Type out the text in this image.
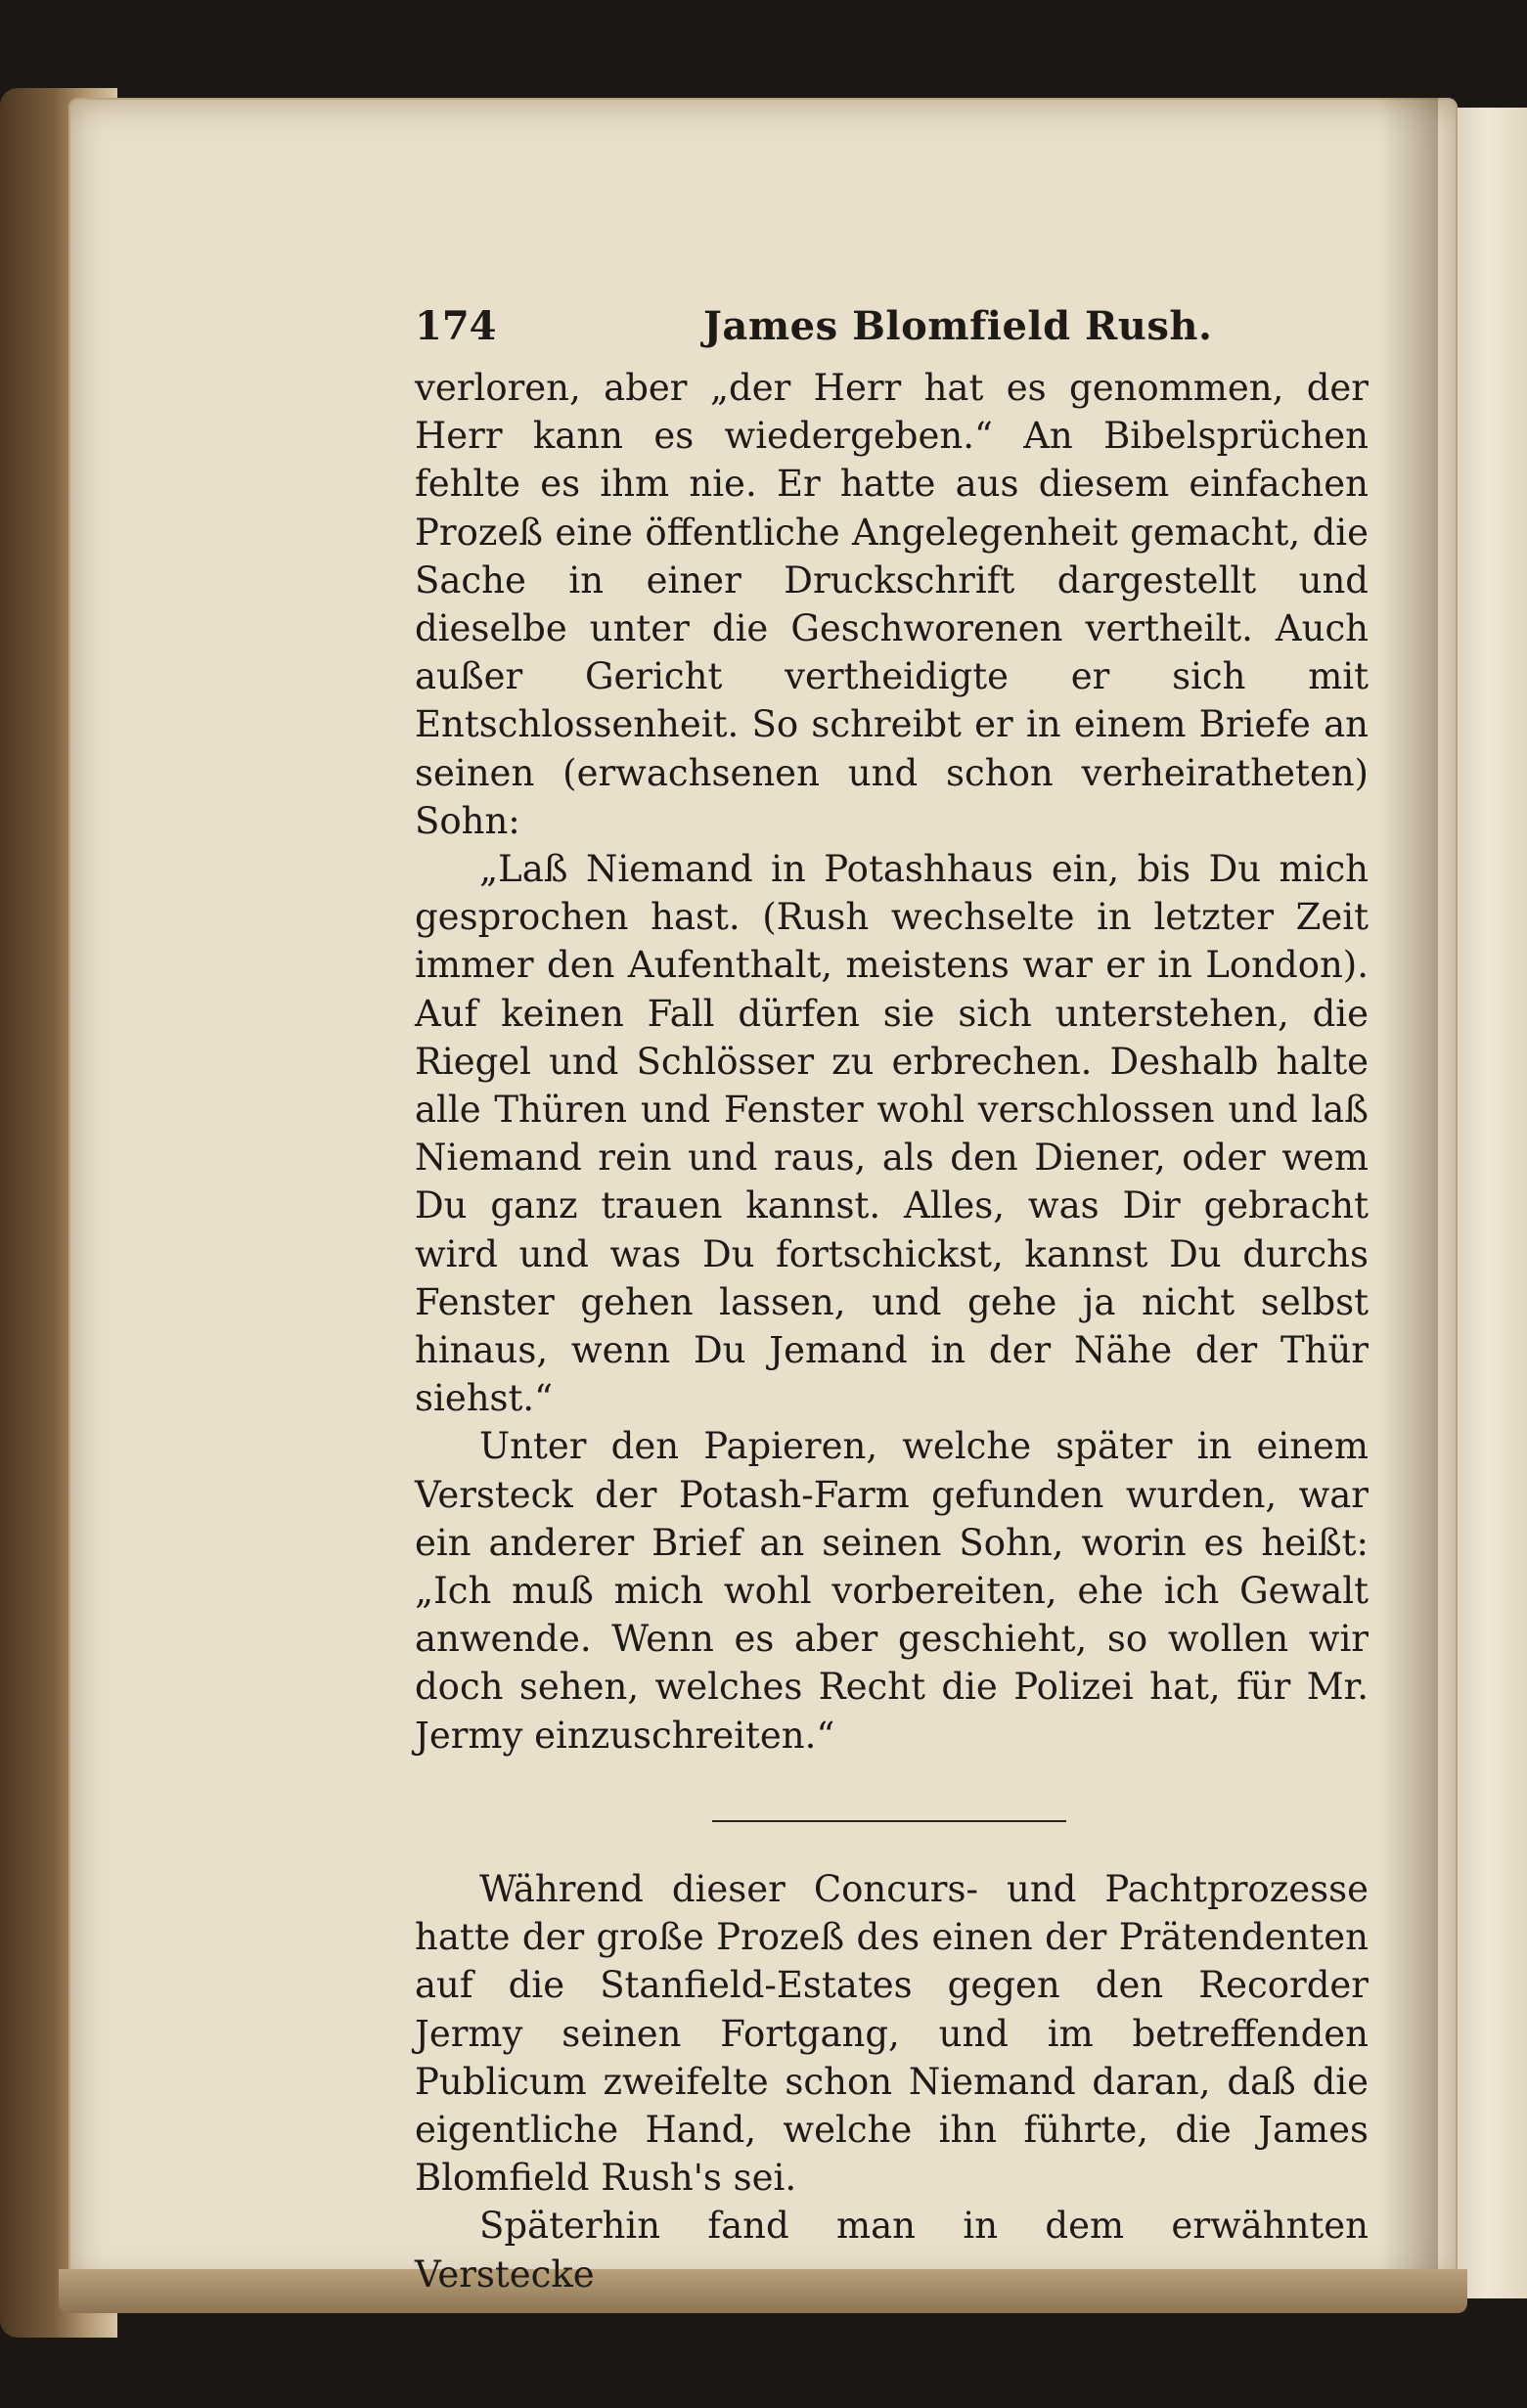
174	James Blomfield Rush.

verloren, aber „der Herr hat es genommen, der Herr kann es wiedergeben.“ An Bibelsprüchen fehlte es ihm nie. Er hatte aus diesem einfachen Prozeß eine öffentliche Angelegenheit gemacht, die Sache in einer Druckschrift dargestellt und dieselbe unter die Geschworenen vertheilt. Auch außer Gericht vertheidigte er sich mit Entschlossenheit. So schreibt er in einem Briefe an seinen (erwachsenen und schon verheiratheten) Sohn:

„Laß Niemand in Potashhaus ein, bis Du mich gesprochen hast. (Rush wechselte in letzter Zeit immer den Aufenthalt, meistens war er in London). Auf keinen Fall dürfen sie sich unterstehen, die Riegel und Schlösser zu erbrechen. Deshalb halte alle Thüren und Fenster wohl verschlossen und laß Niemand rein und raus, als den Diener, oder wem Du ganz trauen kannst. Alles, was Dir gebracht wird und was Du fortschickst, kannst Du durchs Fenster gehen lassen, und gehe ja nicht selbst hinaus, wenn Du Jemand in der Nähe der Thür siehst.“

Unter den Papieren, welche später in einem Versteck der Potash-Farm gefunden wurden, war ein anderer Brief an seinen Sohn, worin es heißt: „Ich muß mich wohl vorbereiten, ehe ich Gewalt anwende. Wenn es aber geschieht, so wollen wir doch sehen, welches Recht die Polizei hat, für Mr. Jermy einzuschreiten.“

Während dieser Concurs- und Pachtprozesse hatte der große Prozeß des einen der Prätendenten auf die Stanfield-Estates gegen den Recorder Jermy seinen Fortgang, und im betreffenden Publicum zweifelte schon Niemand daran, daß die eigentliche Hand, welche ihn führte, die James Blomfield Rush's sei.

Späterhin fand man in dem erwähnten Verstecke
